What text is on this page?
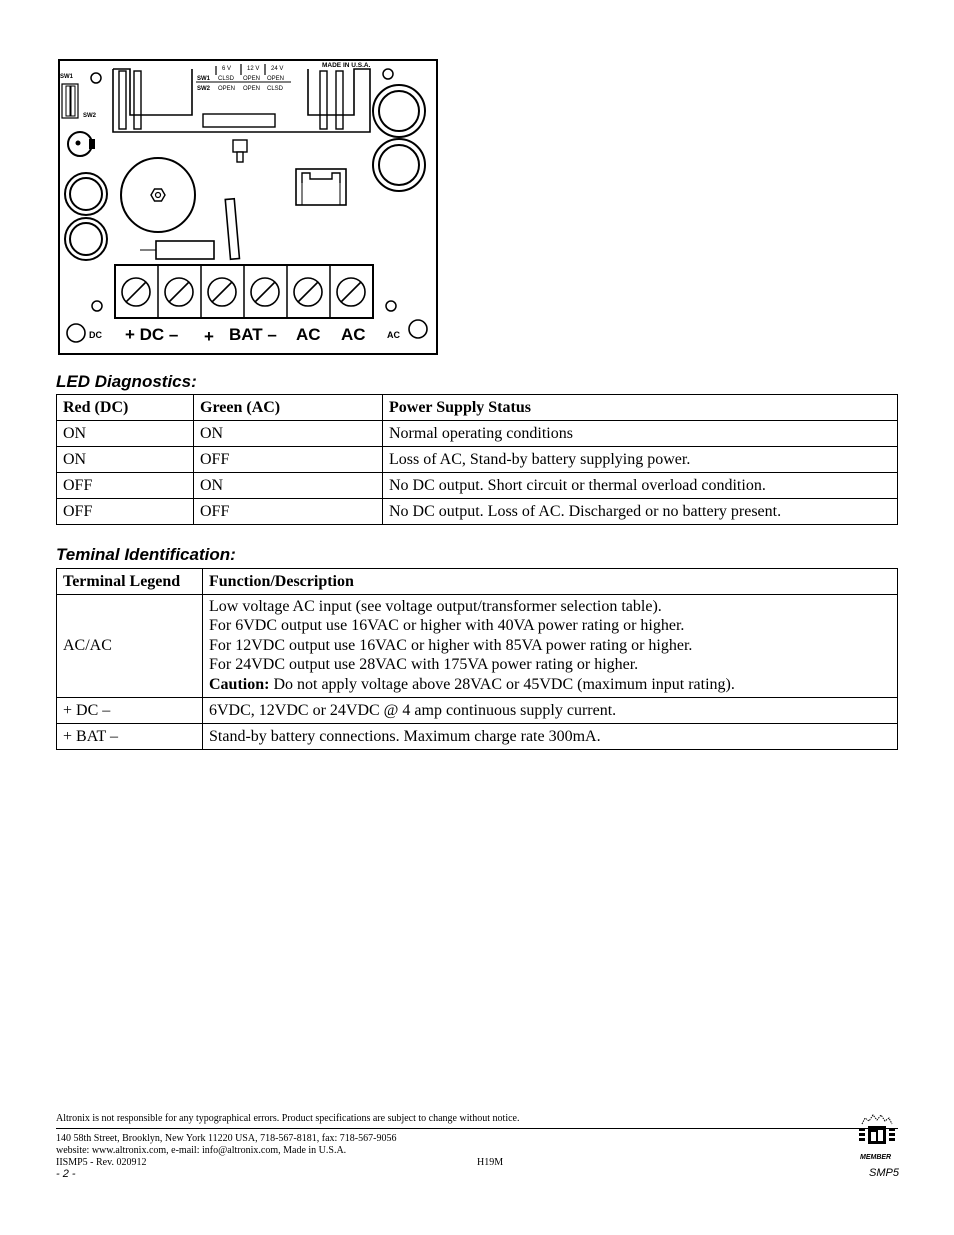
SW1
SW2
6 V	12 V 24 V
SW1 CLSD OPEN OPEN
SW2 OPEN OPEN CLSD
MADE IN U.S.A.
DC	AC
+ DC – + BAT – AC AC
LED Diagnostics:
Red (DC)	Green (AC)	Power Supply Status
ON	ON	Normal operating conditions
ON	OFF	Loss of AC, Stand-by battery supplying power.
OFF	ON	No DC output. Short circuit or thermal overload condition.
OFF	OFF	No DC output. Loss of AC. Discharged or no battery present.
Teminal Identification:
Terminal Legend	Function/Description
AC/AC	Low voltage AC input (see voltage output/transformer selection table).
For 6VDC output use 16VAC or higher with 40VA power rating or higher.
For 12VDC output use 16VAC or higher with 85VA power rating or higher.
For 24VDC output use 28VAC with 175VA power rating or higher.
Caution: Do not apply voltage above 28VAC or 45VDC (maximum input rating).

+ DC –	6VDC, 12VDC or 24VDC @ 4 amp continuous supply current.
+ BAT –	Stand-by battery connections. Maximum charge rate 300mA.
Altronix is not responsible for any typographical errors. Product specifications are subject to change without notice.
140 58th Street, Brooklyn, New York 11220 USA, 718-567-8181, fax: 718-567-9056
website: www.altronix.com, e-mail: info@altronix.com, Made in U.S.A.
IISMP5 - Rev. 020912
- 2 -
H19M	MEMBER
SMP5
